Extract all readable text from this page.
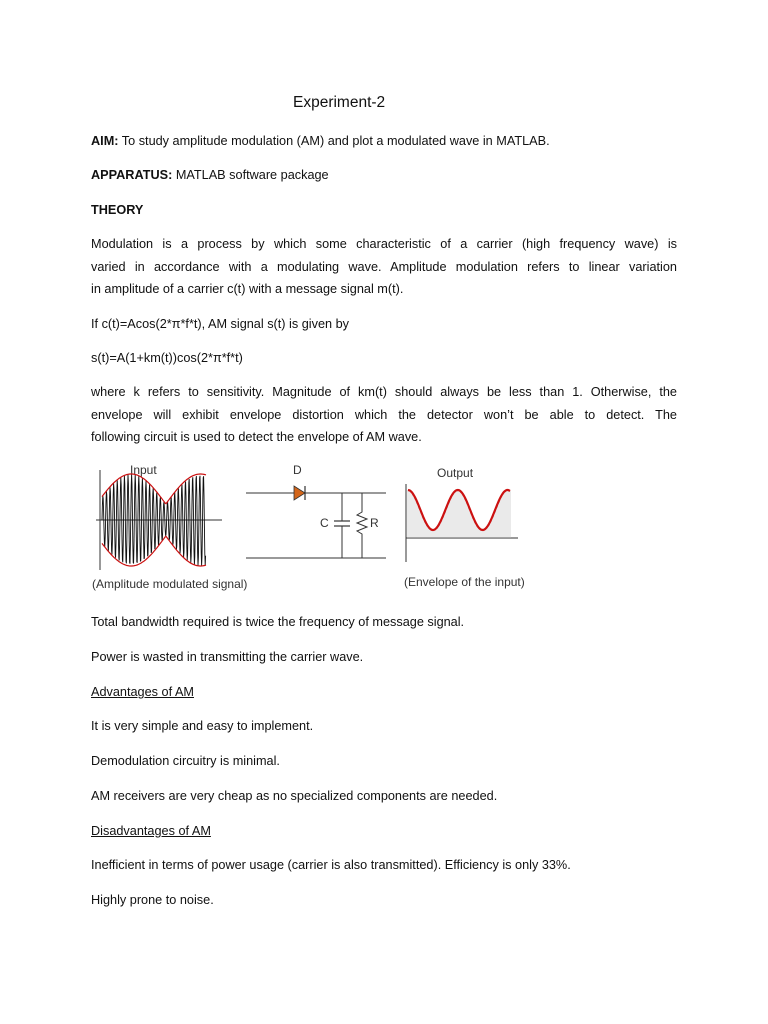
Experiment-2
AIM: To study amplitude modulation (AM) and plot a modulated wave in MATLAB.
APPARATUS: MATLAB software package
THEORY
Modulation is a process by which some characteristic of a carrier (high frequency wave) is
varied in accordance with a modulating wave. Amplitude modulation refers to linear variation
in amplitude of a carrier c(t) with a message signal m(t).
If c(t)=Acos(2*π*f*t), AM signal s(t) is given by
s(t)=A(1+km(t))cos(2*π*f*t)
where k refers to sensitivity. Magnitude of km(t) should always be less than 1. Otherwise, the
envelope will exhibit envelope distortion which the detector won’t be able to detect. The
following circuit is used to detect the envelope of AM wave.
Input
(Amplitude modulated signal)
D
C	R
Output
(Envelope of the input)
Total bandwidth required is twice the frequency of message signal.
Power is wasted in transmitting the carrier wave.
Advantages of AM
It is very simple and easy to implement.
Demodulation circuitry is minimal.
AM receivers are very cheap as no specialized components are needed.
Disadvantages of AM
Inefficient in terms of power usage (carrier is also transmitted). Efficiency is only 33%.
Highly prone to noise.
